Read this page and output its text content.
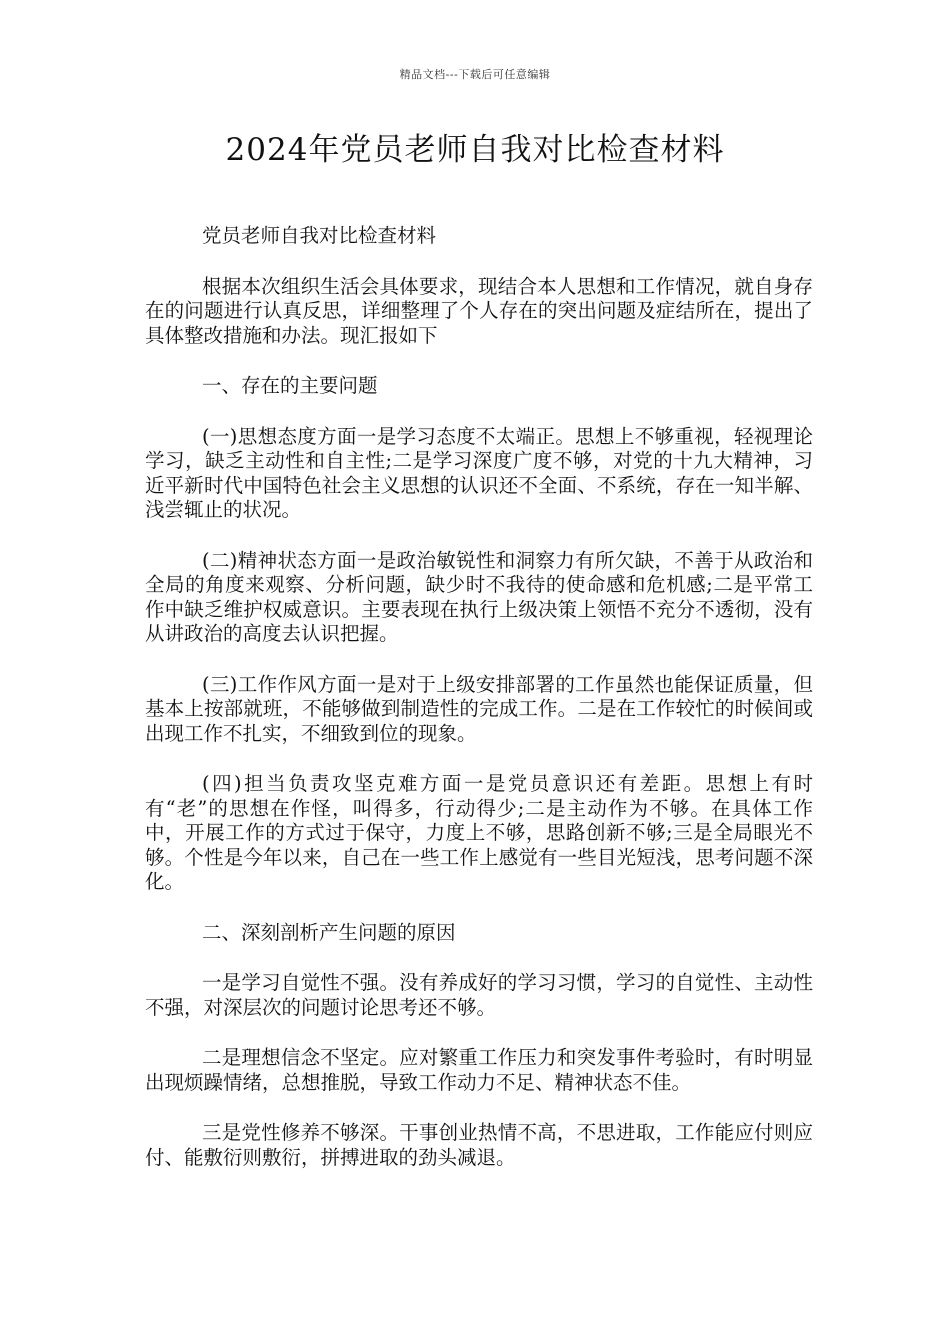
精品文档---下载后可任意编辑
2024年党员老师自我对比检查材料

党员老师自我对比检查材料

根据本次组织生活会具体要求，现结合本人思想和工作情况，就自身存在的问题进行认真反思，详细整理了个人存在的突出问题及症结所在，提出了具体整改措施和办法。现汇报如下

一、存在的主要问题

(一)思想态度方面一是学习态度不太端正。思想上不够重视，轻视理论学习，缺乏主动性和自主性;二是学习深度广度不够，对党的十九大精神，习近平新时代中国特色社会主义思想的认识还不全面、不系统，存在一知半解、浅尝辄止的状况。

(二)精神状态方面一是政治敏锐性和洞察力有所欠缺，不善于从政治和全局的角度来观察、分析问题，缺少时不我待的使命感和危机感;二是平常工作中缺乏维护权威意识。主要表现在执行上级决策上领悟不充分不透彻，没有从讲政治的高度去认识把握。

(三)工作作风方面一是对于上级安排部署的工作虽然也能保证质量，但基本上按部就班，不能够做到制造性的完成工作。二是在工作较忙的时候间或出现工作不扎实，不细致到位的现象。

(四)担当负责攻坚克难方面一是党员意识还有差距。思想上有时有“老”的思想在作怪，叫得多，行动得少;二是主动作为不够。在具体工作中，开展工作的方式过于保守，力度上不够，思路创新不够;三是全局眼光不够。个性是今年以来，自己在一些工作上感觉有一些目光短浅，思考问题不深化。

二、深刻剖析产生问题的原因

一是学习自觉性不强。没有养成好的学习习惯，学习的自觉性、主动性不强，对深层次的问题讨论思考还不够。

二是理想信念不坚定。应对繁重工作压力和突发事件考验时，有时明显出现烦躁情绪，总想推脱，导致工作动力不足、精神状态不佳。

三是党性修养不够深。干事创业热情不高，不思进取，工作能应付则应付、能敷衍则敷衍，拼搏进取的劲头减退。
